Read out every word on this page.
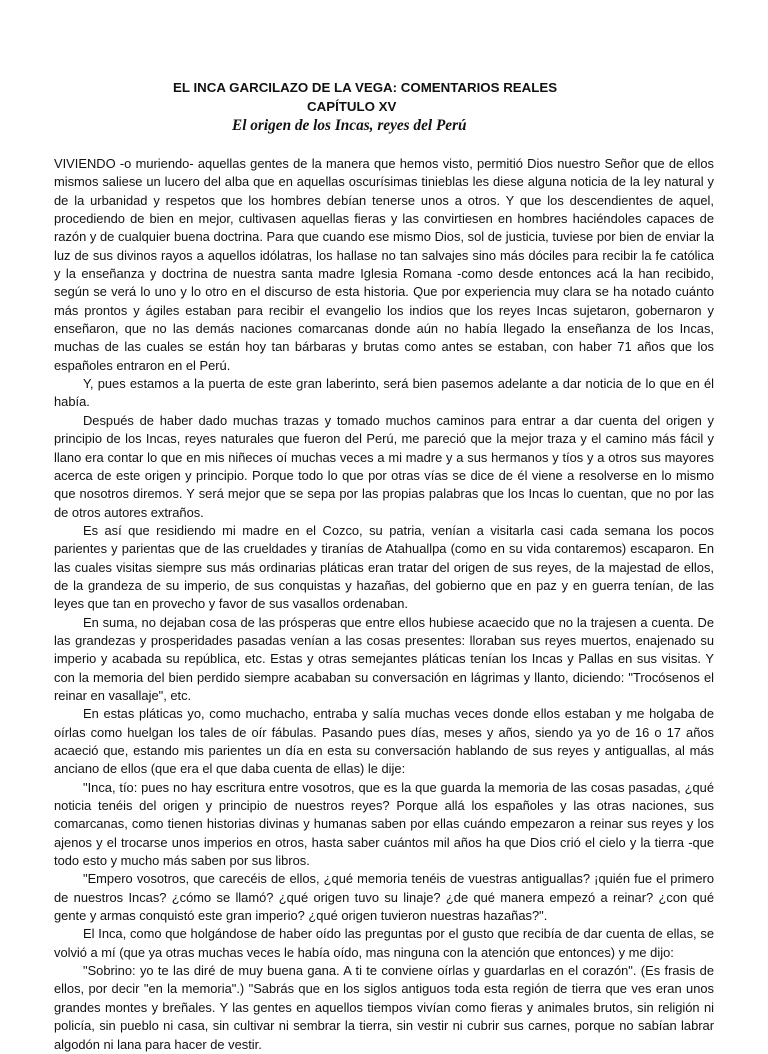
EL INCA GARCILAZO DE LA VEGA: COMENTARIOS REALES
CAPÍTULO XV
El origen de los Incas, reyes del Perú

VIVIENDO -o muriendo- aquellas gentes de la manera que hemos visto, permitió Dios nuestro Señor que de ellos mismos saliese un lucero del alba que en aquellas oscurísimas tinieblas les diese alguna noticia de la ley natural y de la urbanidad y respetos que los hombres debían tenerse unos a otros. Y que los descendientes de aquel, procediendo de bien en mejor, cultivasen aquellas fieras y las convirtiesen en hombres haciéndoles capaces de razón y de cualquier buena doctrina. Para que cuando ese mismo Dios, sol de justicia, tuviese por bien de enviar la luz de sus divinos rayos a aquellos idólatras, los hallase no tan salvajes sino más dóciles para recibir la fe católica y la enseñanza y doctrina de nuestra santa madre Iglesia Romana -como desde entonces acá la han recibido, según se verá lo uno y lo otro en el discurso de esta historia. Que por experiencia muy clara se ha notado cuánto más prontos y ágiles estaban para recibir el evangelio los indios que los reyes Incas sujetaron, gobernaron y enseñaron, que no las demás naciones comarcanas donde aún no había llegado la enseñanza de los Incas, muchas de las cuales se están hoy tan bárbaras y brutas como antes se estaban, con haber 71 años que los españoles entraron en el Perú.

Y, pues estamos a la puerta de este gran laberinto, será bien pasemos adelante a dar noticia de lo que en él había.

Después de haber dado muchas trazas y tomado muchos caminos para entrar a dar cuenta del origen y principio de los Incas, reyes naturales que fueron del Perú, me pareció que la mejor traza y el camino más fácil y llano era contar lo que en mis niñeces oí muchas veces a mi madre y a sus hermanos y tíos y a otros sus mayores acerca de este origen y principio. Porque todo lo que por otras vías se dice de él viene a resolverse en lo mismo que nosotros diremos. Y será mejor que se sepa por las propias palabras que los Incas lo cuentan, que no por las de otros autores extraños.

Es así que residiendo mi madre en el Cozco, su patria, venían a visitarla casi cada semana los pocos parientes y parientas que de las crueldades y tiranías de Atahuallpa (como en su vida contaremos) escaparon. En las cuales visitas siempre sus más ordinarias pláticas eran tratar del origen de sus reyes, de la majestad de ellos, de la grandeza de su imperio, de sus conquistas y hazañas, del gobierno que en paz y en guerra tenían, de las leyes que tan en provecho y favor de sus vasallos ordenaban.

En suma, no dejaban cosa de las prósperas que entre ellos hubiese acaecido que no la trajesen a cuenta. De las grandezas y prosperidades pasadas venían a las cosas presentes: lloraban sus reyes muertos, enajenado su imperio y acabada su república, etc. Estas y otras semejantes pláticas tenían los Incas y Pallas en sus visitas. Y con la memoria del bien perdido siempre acababan su conversación en lágrimas y llanto, diciendo: "Trocósenos el reinar en vasallaje", etc.

En estas pláticas yo, como muchacho, entraba y salía muchas veces donde ellos estaban y me holgaba de oírlas como huelgan los tales de oír fábulas. Pasando pues días, meses y años, siendo ya yo de 16 o 17 años acaeció que, estando mis parientes un día en esta su conversación hablando de sus reyes y antiguallas, al más anciano de ellos (que era el que daba cuenta de ellas) le dije:

"Inca, tío: pues no hay escritura entre vosotros, que es la que guarda la memoria de las cosas pasadas, ¿qué noticia tenéis del origen y principio de nuestros reyes? Porque allá los españoles y las otras naciones, sus comarcanas, como tienen historias divinas y humanas saben por ellas cuándo empezaron a reinar sus reyes y los ajenos y el trocarse unos imperios en otros, hasta saber cuántos mil años ha que Dios crió el cielo y la tierra -que todo esto y mucho más saben por sus libros.

"Empero vosotros, que carecéis de ellos, ¿qué memoria tenéis de vuestras antiguallas? ¡quién fue el primero de nuestros Incas? ¿cómo se llamó? ¿qué origen tuvo su linaje? ¿de qué manera empezó a reinar? ¿con qué gente y armas conquistó este gran imperio? ¿qué origen tuvieron nuestras hazañas?".

El Inca, como que holgándose de haber oído las preguntas por el gusto que recibía de dar cuenta de ellas, se volvió a mí (que ya otras muchas veces le había oído, mas ninguna con la atención que entonces) y me dijo:

"Sobrino: yo te las diré de muy buena gana. A ti te conviene oírlas y guardarlas en el corazón". (Es frasis de ellos, por decir "en la memoria".) "Sabrás que en los siglos antiguos toda esta región de tierra que ves eran unos grandes montes y breñales. Y las gentes en aquellos tiempos vivían como fieras y animales brutos, sin religión ni policía, sin pueblo ni casa, sin cultivar ni sembrar la tierra, sin vestir ni cubrir sus carnes, porque no sabían labrar algodón ni lana para hacer de vestir.
